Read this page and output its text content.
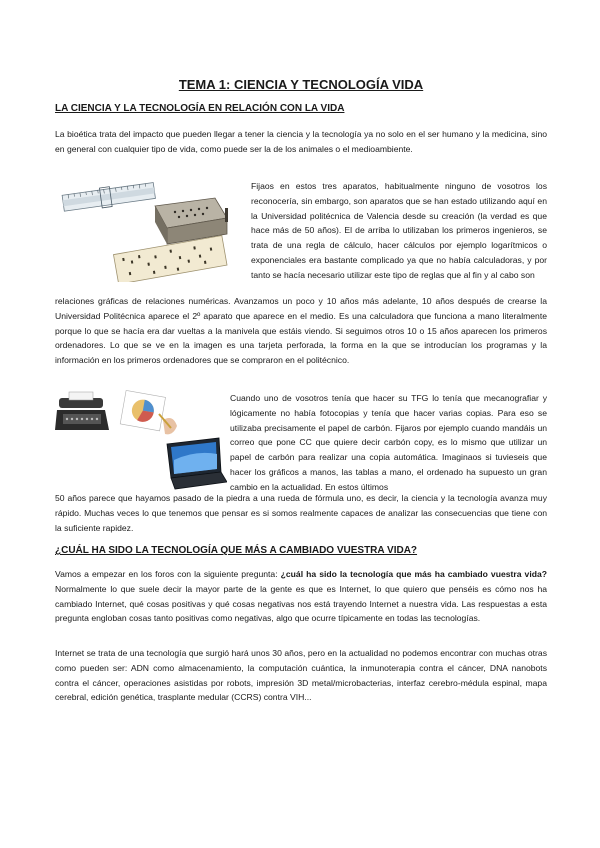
TEMA 1: CIENCIA Y TECNOLOGÍA VIDA
LA CIENCIA Y LA TECNOLOGÍA EN RELACIÓN CON LA VIDA

La bioética trata del impacto que pueden llegar a tener la ciencia y la tecnología ya no solo en el ser humano y la medicina, sino en general con cualquier tipo de vida, como puede ser la de los animales o el medioambiente.

Fijaos en estos tres aparatos, habitualmente ninguno de vosotros los reconocería, sin embargo, son aparatos que se han estado utilizando aquí en la Universidad politécnica de Valencia desde su creación (la verdad es que hace más de 50 años). El de arriba lo utilizaban los primeros ingenieros, se trata de una regla de cálculo, hacer cálculos por ejemplo logarítmicos o exponenciales era bastante complicado ya que no había calculadoras, y por tanto se hacía necesario utilizar este tipo de reglas que al fin y al cabo son

relaciones gráficas de relaciones numéricas. Avanzamos un poco y 10 años más adelante, 10 años después de crearse la Universidad Politécnica aparece el 2º aparato que aparece en el medio. Es una calculadora que funciona a mano literalmente porque lo que se hacía era dar vueltas a la manivela que estáis viendo. Si seguimos otros 10 o 15 años aparecen los primeros ordenadores. Lo que se ve en la imagen es una tarjeta perforada, la forma en la que se introducían los programas y la información en los primeros ordenadores que se compraron en el politécnico.

Cuando uno de vosotros tenía que hacer su TFG lo tenía que mecanografiar y lógicamente no había fotocopias y tenía que hacer varias copias. Para eso se utilizaba precisamente el papel de carbón. Fijaros por ejemplo cuando mandáis un correo que pone CC que quiere decir carbón copy, es lo mismo que utilizar un papel de carbón para realizar una copia automática. Imaginaos si tuvieseis que hacer los gráficos a manos, las tablas a mano, el ordenado ha supuesto un gran cambio en la actualidad. En estos últimos

50 años parece que hayamos pasado de la piedra a una rueda de fórmula uno, es decir, la ciencia y la tecnología avanza muy rápido. Muchas veces lo que tenemos que pensar es si somos realmente capaces de analizar las consecuencias que tiene con la suficiente rapidez.

¿CUÁL HA SIDO LA TECNOLOGÍA QUE MÁS A CAMBIADO VUESTRA VIDA?

Vamos a empezar en los foros con la siguiente pregunta: ¿cuál ha sido la tecnología que más ha cambiado vuestra vida? Normalmente lo que suele decir la mayor parte de la gente es que es Internet, lo que quiero que penséis es cómo nos ha cambiado Internet, qué cosas positivas y qué cosas negativas nos está trayendo Internet a nuestra vida. Las respuestas a esta pregunta engloban cosas tanto positivas como negativas, algo que ocurre típicamente en todas las tecnologías.

Internet se trata de una tecnología que surgió hará unos 30 años, pero en la actualidad no podemos encontrar con muchas otras como pueden ser: ADN como almacenamiento, la computación cuántica, la inmunoterapia contra el cáncer, DNA nanobots contra el cáncer, operaciones asistidas por robots, impresión 3D metal/microbacterias, interfaz cerebro-médula espinal, mapa cerebral, edición genética, trasplante medular (CCRS) contra VIH...
